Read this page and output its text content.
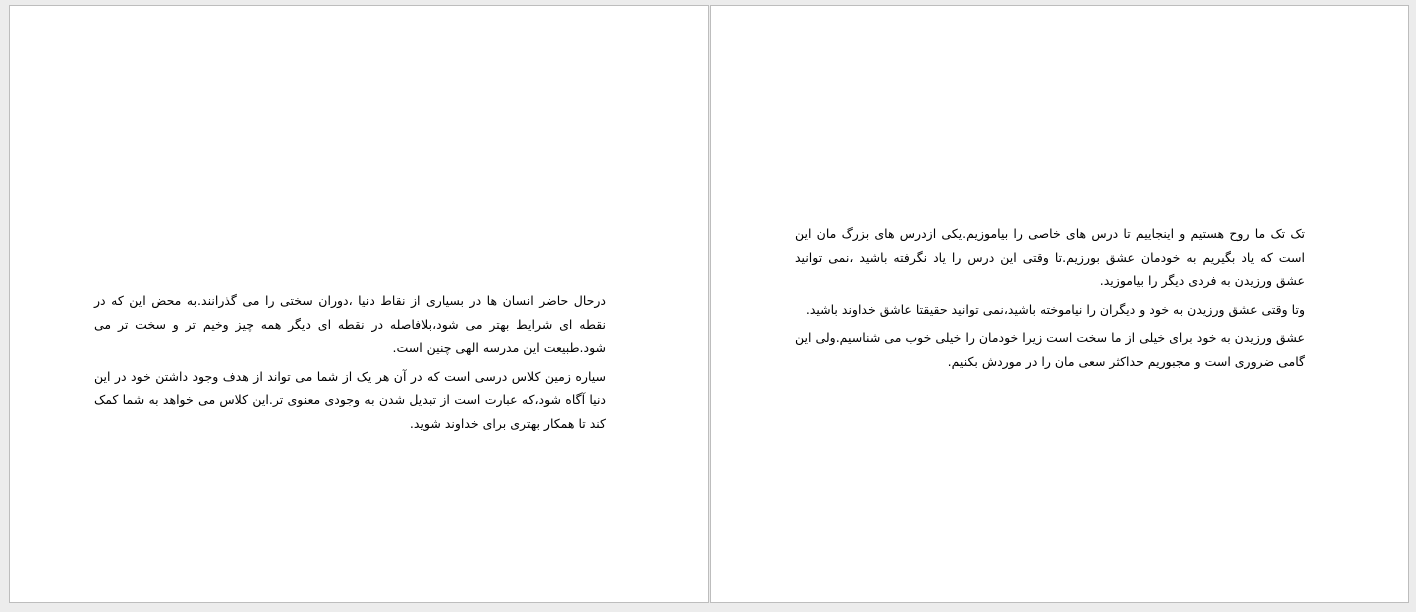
درحال حاضر انسان ها در بسیاری از نقاط دنیا ،دوران سختی را می گذرانند.به محض این که در نقطه ای شرایط بهتر می شود،بلافاصله در نقطه ای دیگر همه چیز وخیم تر و سخت تر می شود.طبیعت این مدرسه الهی چنین است.

سیاره زمین کلاس درسی است که در آن هر یک از شما می تواند از هدف وجود داشتن خود در این دنیا آگاه شود،که عبارت است از تبدیل شدن به وجودی معنوی تر.این کلاس می خواهد به شما کمک کند تا همکار بهتری برای خداوند شوید.

تک تک ما روح هستیم و اینجاییم تا درس های خاصی را بیاموزیم.یکی ازدرس های بزرگ مان این است که یاد بگیریم به خودمان عشق بورزیم.تا وقتی این درس را یاد نگرفته باشید ،نمی توانید عشق ورزیدن به فردی دیگر را بیاموزید.

وتا وقتی عشق ورزیدن به خود و دیگران را نیاموخته باشید،نمی توانید حقیقتا عاشق خداوند باشید.

عشق ورزیدن به خود برای خیلی از ما سخت است زیرا خودمان را خیلی خوب می شناسیم.ولی این گامی ضروری است و مجبوریم حداکثر سعی مان را در موردش بکنیم.
